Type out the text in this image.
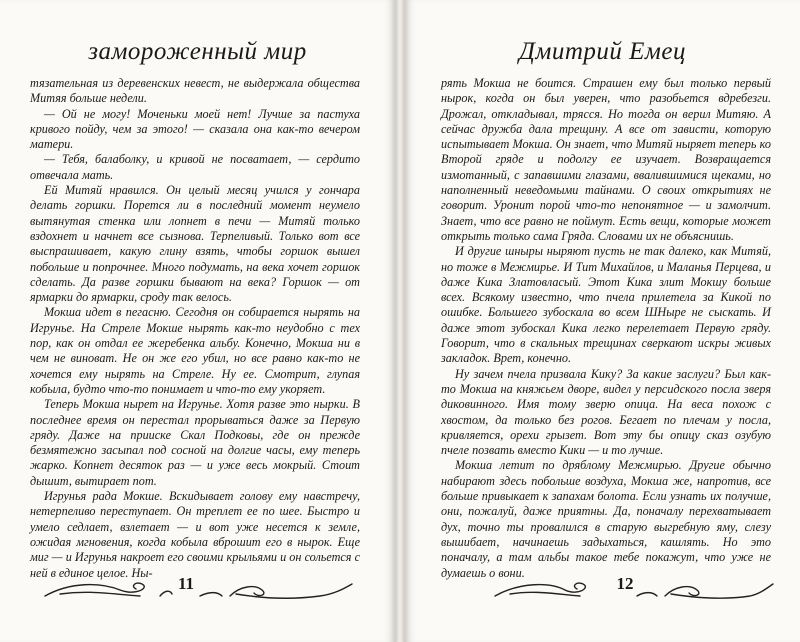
замороженный мир

тязательная из деревенских невест, не выдержала общества Митяя больше недели.

— Ой не могу! Моченьки моей нет! Лучше за пастуха кривого пойду, чем за этого! — сказала она как-то вечером матери.

— Тебя, балаболку, и кривой не посватает, — сердито отвечала мать.

Ей Митяй нравился. Он целый месяц учился у гончара делать горшки. Порется ли в последний момент неумело вытянутая стенка или лопнет в печи — Митяй только вздохнет и начнет все сызнова. Терпеливый. Только вот все выспрашивает, какую глину взять, чтобы горшок вышел побольше и попрочнее. Много подумать, на века хочет горшок сделать. Да разве горшки бывают на века? Горшок — от ярмарки до ярмарки, сроду так велось.

Мокша идет в пегасню. Сегодня он собирается нырять на Игрунье. На Стреле Мокше нырять как-то неудобно с тех пор, как он отдал ее жеребенка альбу. Конечно, Мокша ни в чем не виноват. Не он же его убил, но все равно как-то не хочется ему нырять на Стреле. Ну ее. Смотрит, глупая кобыла, будто что-то понимает и что-то ему укоряет.

Теперь Мокша нырет на Игрунье. Хотя разве это нырки. В последнее время он перестал прорываться даже за Первую гряду. Даже на прииске Скал Подковы, где он прежде безмятежно засыпал под сосной на долгие часы, ему теперь жарко. Копнет десяток раз — и уже весь мокрый. Стоит дышит, вытирает пот.

Игрунья рада Мокше. Вскидывает голову ему навстречу, нетерпеливо переступает. Он треплет ее по шее. Быстро и умело седлает, взлетает — и вот уже несется к земле, ожидая мгновения, когда кобыла вброшит его в нырок. Еще миг — и Игрунья накроет его своими крыльями и он сольется с ней в единое целое. Ны-

11
Дмитрий Емец

рять Мокша не боится. Страшен ему был только первый нырок, когда он был уверен, что разобьется вдребезги. Дрожал, откладывал, трясся. Но тогда он верил Митяю. А сейчас дружба дала трещину. А все от зависти, которую испытывает Мокша. Он знает, что Митяй ныряет теперь ко Второй гряде и подолгу ее изучает. Возвращается измотанный, с запавшими глазами, ввалившимися щеками, но наполненный неведомыми тайнами. О своих открытиях не говорит. Уронит порой что-то непонятное — и замолчит. Знает, что все равно не поймут. Есть вещи, которые может открыть только сама Гряда. Словами их не объяснишь.

И другие шныры ныряют пусть не так далеко, как Митяй, но тоже в Межмирье. И Тит Михайлов, и Маланья Перцева, и даже Кика Златовласый. Этот Кика злит Мокшу больше всех. Всякому известно, что пчела прилетела за Кикой по ошибке. Большего зубоскала во всем ШНыре не сыскать. И даже этот зубоскал Кика легко перелетает Первую гряду. Говорит, что в скальных трещинах сверкают искры живых закладок. Врет, конечно.

Ну зачем пчела призвала Кику? За какие заслуги? Был как-то Мокша на княжьем дворе, видел у персидского посла зверя диковинного. Имя тому зверю опица. На веса похож с хвостом, да только без рогов. Бегает по плечам у посла, кривляется, орехи грызет. Вот эту бы опицу сказ озубую пчеле позвать вместо Кики — и то лучше.

Мокша летит по дряблому Межмирью. Другие обычно набирают здесь побольше воздуха, Мокша же, напротив, все больше привыкает к запахам болота. Если узнать их получше, они, пожалуй, даже приятны. Да, поначалу перехватывает дух, точно ты провалился в старую выгребную яму, слезу вышибает, начинаешь задыхаться, кашлять. Но это поначалу, а там альбы такое тебе покажут, что уже не думаешь о вони.

12
